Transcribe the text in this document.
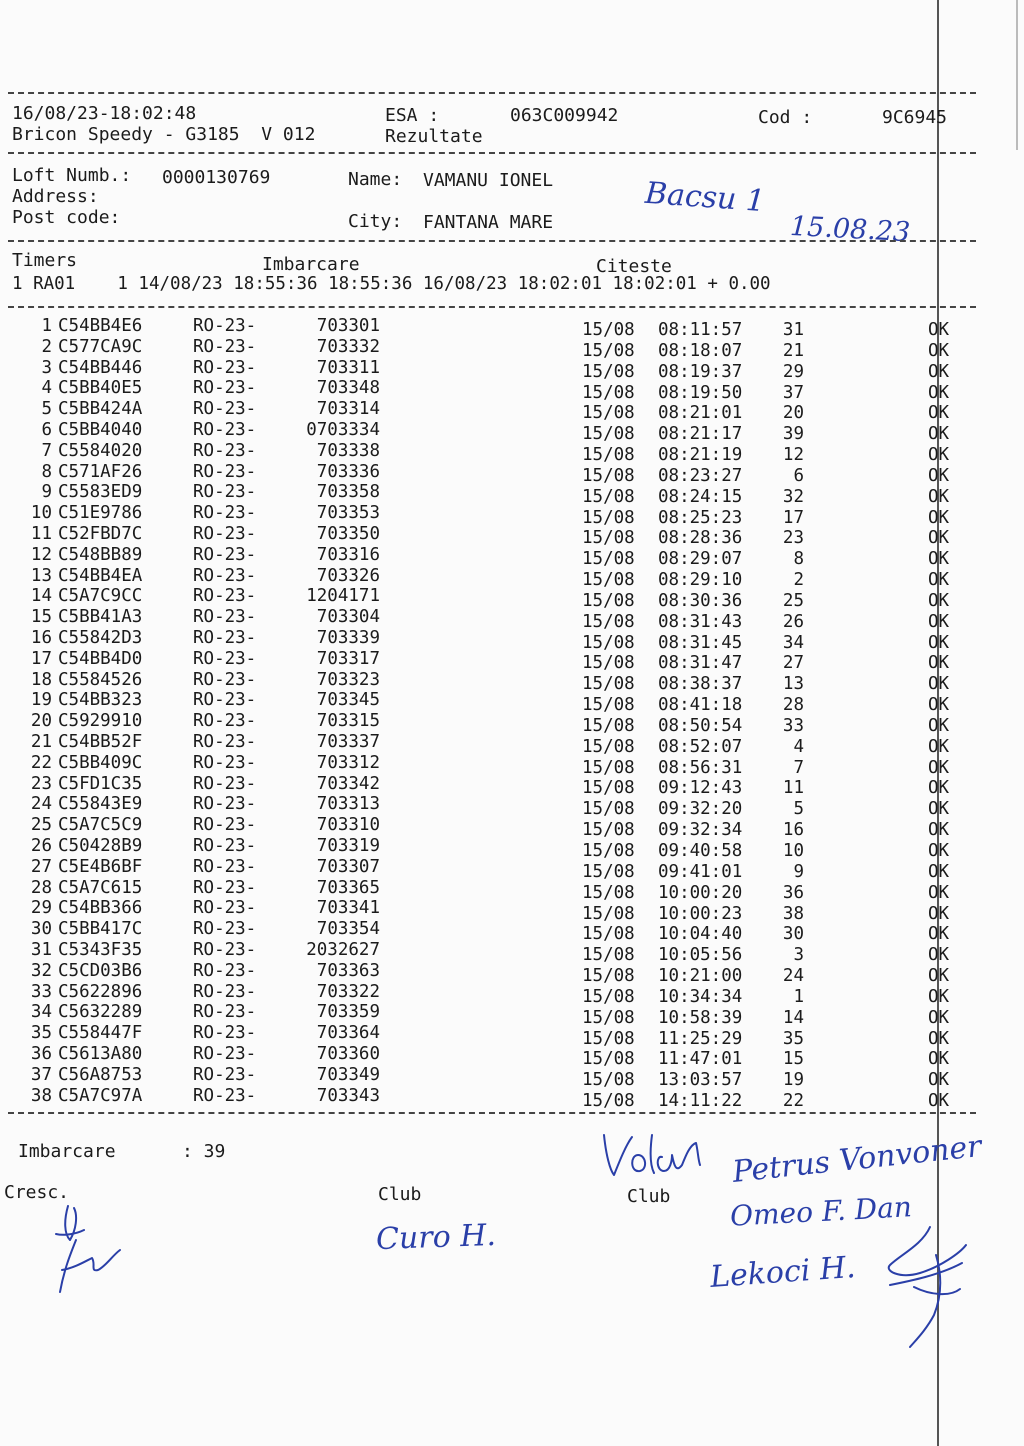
16/08/23-18:02:48	ESA :	063C009942	Cod :	9C6945
Bricon Speedy - G3185  V 012	Rezultate
Loft Numb.: 0000130769	Name: VAMANU IONEL
Address:
Post code:	City: FANTANA MARE
Bacsu 1
15.08.23
Timers	Imbarcare	Citeste
1 RA01    1 14/08/23 18:55:36 18:55:36 16/08/23 18:02:01 18:02:01 + 0.00
1 C54BB4E6	RO-23-	703301	15/08 08:11:57	31	OK
2 C577CA9C	RO-23-	703332	15/08 08:18:07	21	OK
3 C54BB446	RO-23-	703311	15/08 08:19:37	29	OK
4 C5BB40E5	RO-23-	703348	15/08 08:19:50	37	OK
5 C5BB424A	RO-23-	703314	15/08 08:21:01	20	OK
6 C5BB4040	RO-23-	0703334	15/08 08:21:17	39	OK
7 C5584020	RO-23-	703338	15/08 08:21:19	12	OK
8 C571AF26	RO-23-	703336	15/08 08:23:27	6	OK
9 C5583ED9	RO-23-	703358	15/08 08:24:15	32	OK
10 C51E9786	RO-23-	703353	15/08 08:25:23	17	OK
11 C52FBD7C	RO-23-	703350	15/08 08:28:36	23	OK
12 C548BB89	RO-23-	703316	15/08 08:29:07	8	OK
13 C54BB4EA	RO-23-	703326	15/08 08:29:10	2	OK
14 C5A7C9CC	RO-23-	1204171	15/08 08:30:36	25	OK
15 C5BB41A3	RO-23-	703304	15/08 08:31:43	26	OK
16 C55842D3	RO-23-	703339	15/08 08:31:45	34	OK
17 C54BB4D0	RO-23-	703317	15/08 08:31:47	27	OK
18 C5584526	RO-23-	703323	15/08 08:38:37	13	OK
19 C54BB323	RO-23-	703345	15/08 08:41:18	28	OK
20 C5929910	RO-23-	703315	15/08 08:50:54	33	OK
21 C54BB52F	RO-23-	703337	15/08 08:52:07	4	OK
22 C5BB409C	RO-23-	703312	15/08 08:56:31	7	OK
23 C5FD1C35	RO-23-	703342	15/08 09:12:43	11	OK
24 C55843E9	RO-23-	703313	15/08 09:32:20	5	OK
25 C5A7C5C9	RO-23-	703310	15/08 09:32:34	16	OK
26 C50428B9	RO-23-	703319	15/08 09:40:58	10	OK
27 C5E4B6BF	RO-23-	703307	15/08 09:41:01	9	OK
28 C5A7C615	RO-23-	703365	15/08 10:00:20	36	OK
29 C54BB366	RO-23-	703341	15/08 10:00:23	38	OK
30 C5BB417C	RO-23-	703354	15/08 10:04:40	30	OK
31 C5343F35	RO-23-	2032627	15/08 10:05:56	3	OK
32 C5CD03B6	RO-23-	703363	15/08 10:21:00	24	OK
33 C5622896	RO-23-	703322	15/08 10:34:34	1	OK
34 C5632289	RO-23-	703359	15/08 10:58:39	14	OK
35 C558447F	RO-23-	703364	15/08 11:25:29	35	OK
36 C5613A80	RO-23-	703360	15/08 11:47:01	15	OK
37 C56A8753	RO-23-	703349	15/08 13:03:57	19	OK
38 C5A7C97A	RO-23-	703343	15/08 14:11:22	22	OK
Imbarcare	: 39
Cresc.	Club	Club
Petrus Vonvoner
Omeo F. Dan
Lekoci H.
Curo H.
